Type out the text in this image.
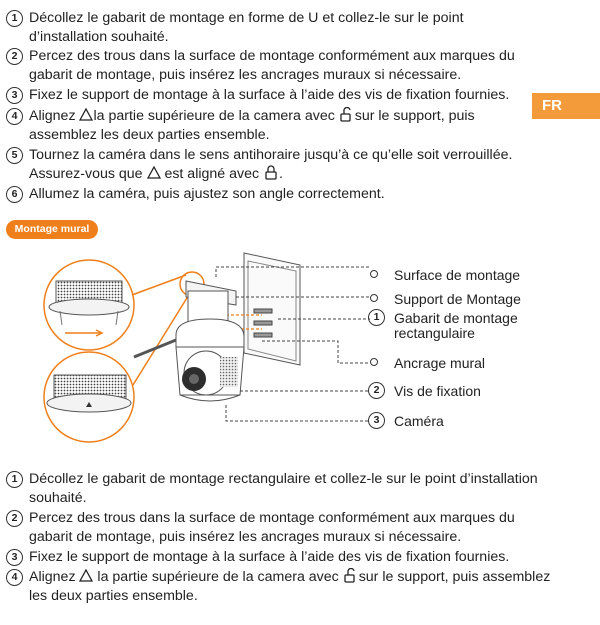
1 Décollez le gabarit de montage en forme de U et collez-le sur le point d’installation souhaité.
2 Percez des trous dans la surface de montage conformément aux marques du gabarit de montage, puis insérez les ancrages muraux si nécessaire.
3 Fixez le support de montage à la surface à l’aide des vis de fixation fournies.
4 Alignez la partie supérieure de la camera avec sur le support, puis assemblez les deux parties ensemble.
5 Tournez la caméra dans le sens antihoraire jusqu’à ce qu’elle soit verrouillée. Assurez-vous que  est aligné avec .
6 Allumez la caméra, puis ajustez son angle correctement.
FR
Montage mural
Surface de montage
Support de Montage
1	Gabarit de montage rectangulaire
Ancrage mural
2	Vis de fixation
3	Caméra
1 Décollez le gabarit de montage rectangulaire et collez-le sur le point d’installation souhaité.
2 Percez des trous dans la surface de montage conformément aux marques du gabarit de montage, puis insérez les ancrages muraux si nécessaire.
3 Fixez le support de montage à la surface à l’aide des vis de fixation fournies.
4 Alignez  la partie supérieure de la camera avec sur le support, puis assemblez les deux parties ensemble.
